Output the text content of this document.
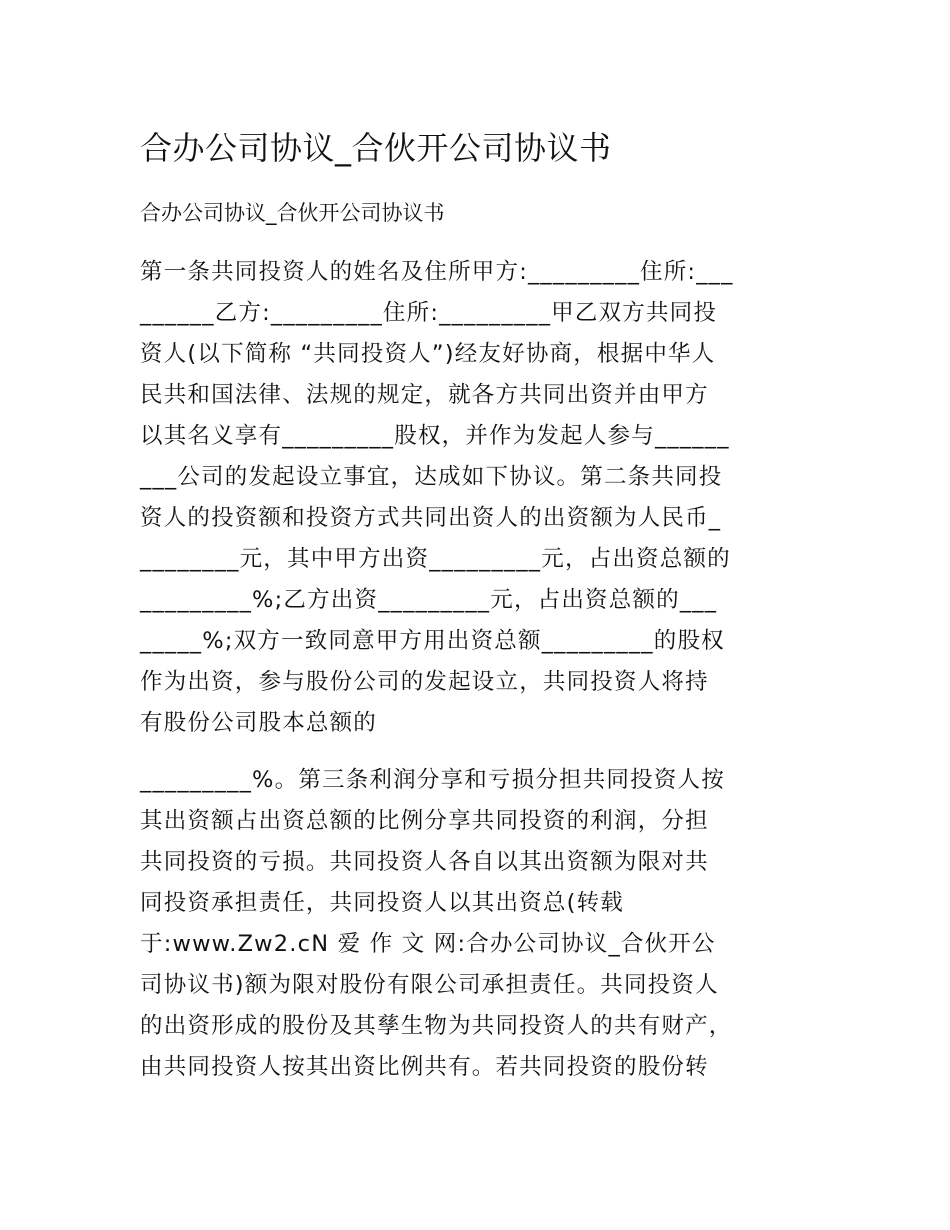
合办公司协议_合伙开公司协议书
合办公司协议_合伙开公司协议书
第一条共同投资人的姓名及住所甲方:_________住所:___
______乙方:_________住所:_________甲乙双方共同投
资人(以下简称 “共同投资人”)经友好协商，根据中华人
民共和国法律、法规的规定，就各方共同出资并由甲方
以其名义享有_________股权，并作为发起人参与______
___公司的发起设立事宜，达成如下协议。第二条共同投
资人的投资额和投资方式共同出资人的出资额为人民币_
________元，其中甲方出资_________元，占出资总额的
_________%;乙方出资_________元，占出资总额的___
_____%;双方一致同意甲方用出资总额_________的股权
作为出资，参与股份公司的发起设立，共同投资人将持
有股份公司股本总额的
_________%。第三条利润分享和亏损分担共同投资人按
其出资额占出资总额的比例分享共同投资的利润，分担
共同投资的亏损。共同投资人各自以其出资额为限对共
同投资承担责任，共同投资人以其出资总(转载
于:www.Zw2.cN 爱 作 文 网:合办公司协议_合伙开公
司协议书)额为限对股份有限公司承担责任。共同投资人
的出资形成的股份及其孳生物为共同投资人的共有财产，
由共同投资人按其出资比例共有。若共同投资的股份转
